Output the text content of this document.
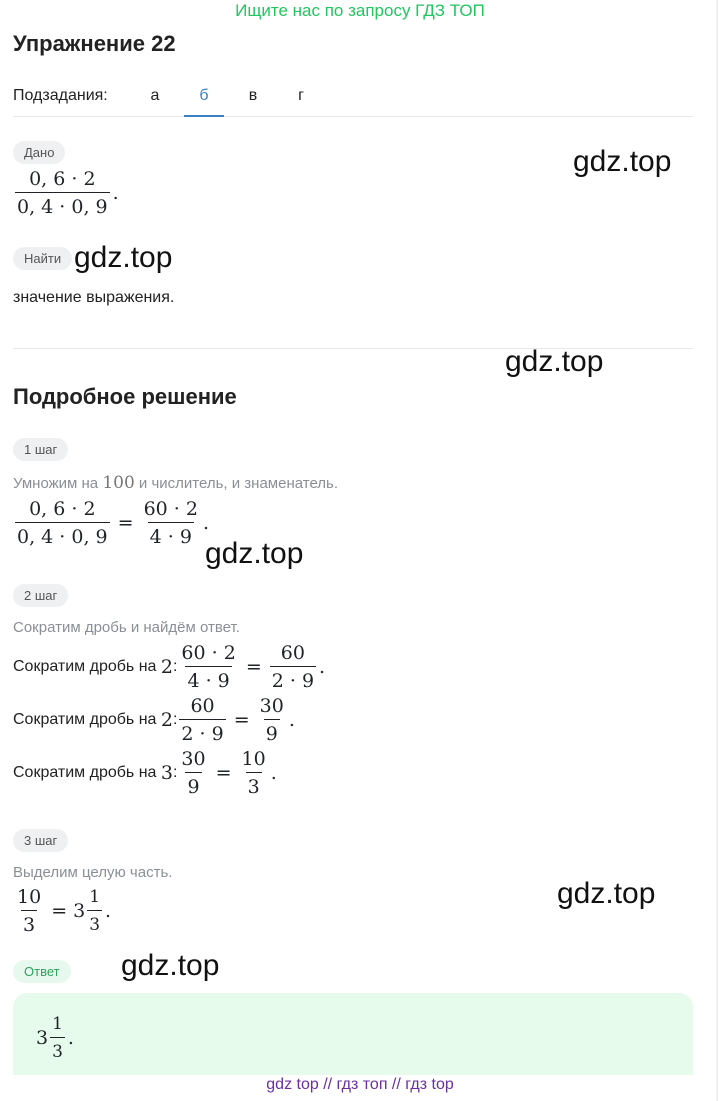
Ищите нас по запросу ГДЗ ТОП
Упражнение 22
Подзадания:	а	б	в	г
Дано
$\frac{0, 6 \cdot 2}{0, 4 \cdot 0, 9}$ .
Найти
значение выражения.
Подробное решение
1 шаг
Умножим на 100 и числитель, и знаменатель.
$\frac{0, 6 \cdot 2}{0, 4 \cdot 0, 9} = \frac{60 \cdot 2}{4 \cdot 9}$ .
2 шаг
Сократим дробь и найдём ответ.
Сократим дробь на
2 : $\frac{60 \cdot 2}{4 \cdot 9} = \frac{60}{2 \cdot 9}$ .
Сократим дробь на
2 : $\frac{60}{2 \cdot 9} = \frac{30}{9}$ .
Сократим дробь на
3 : $\frac{30}{9} = \frac{10}{3}$ .
3 шаг
Выделим целую часть.
$\frac{10}{3} = 3 \frac{1}{3}$ .
Ответ
$3 \frac{1}{3}$ .
gdz.top
gdz.top
gdz.top
gdz.top
gdz.top
gdz.top
gdz top // гдз топ // гдз top
